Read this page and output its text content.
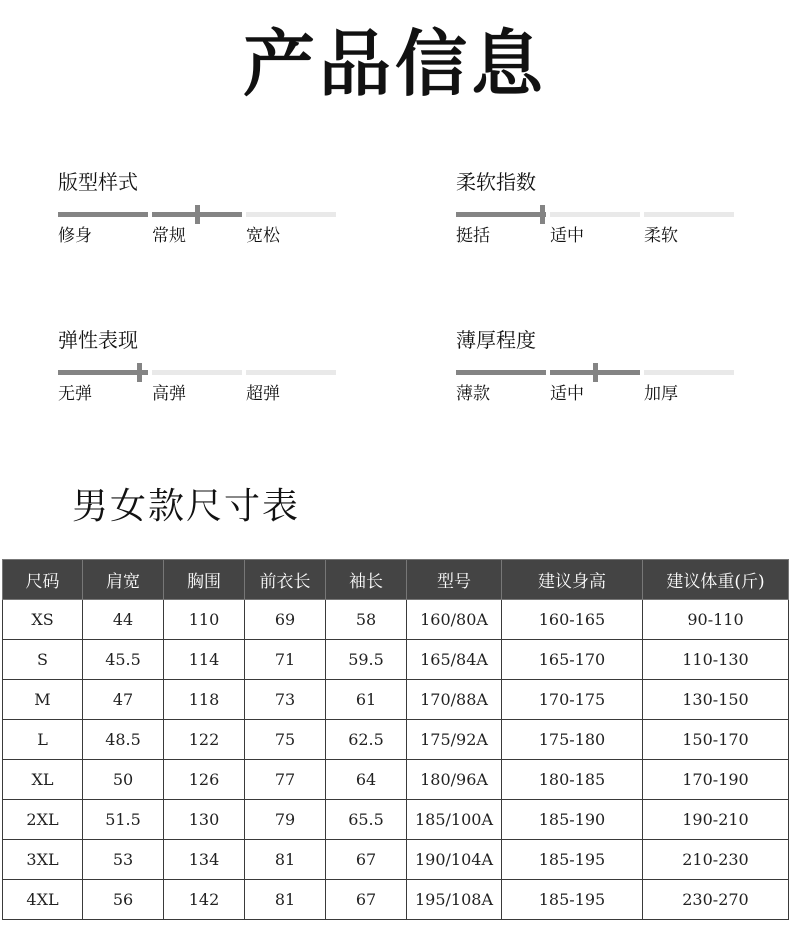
产品信息
版型样式
修身	常规	宽松
柔软指数
挺括	适中	柔软
弹性表现
无弹	高弹	超弹
薄厚程度
薄款	适中	加厚
男女款尺寸表
尺码	肩宽	胸围	前衣长	袖长	型号	建议身高	建议体重(斤)
XS	44	110	69	58	160/80A	160-165	90-110
S	45.5	114	71	59.5	165/84A	165-170	110-130
M	47	118	73	61	170/88A	170-175	130-150
L	48.5	122	75	62.5	175/92A	175-180	150-170
XL	50	126	77	64	180/96A	180-185	170-190
2XL	51.5	130	79	65.5	185/100A	185-190	190-210
3XL	53	134	81	67	190/104A	185-195	210-230
4XL	56	142	81	67	195/108A	185-195	230-270
